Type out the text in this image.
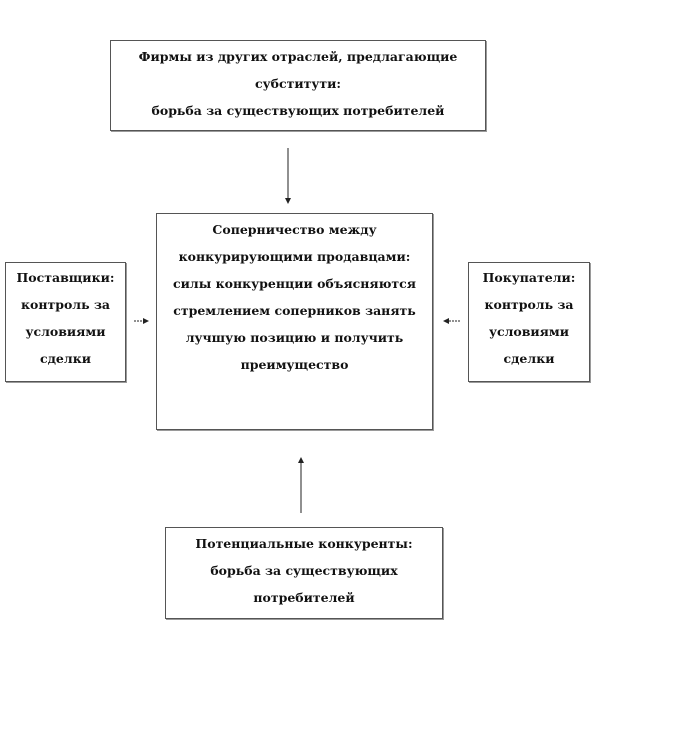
Фирмы из других отраслей, предлагающие
субститути:
борьба за существующих потребителей
Соперничество между
конкурирующими продавцами:
силы конкуренции объясняются
стремлением соперников занять
лучшую позицию и получить
преимущество
Поставщики:
контроль за
условиями
сделки
Покупатели:
контроль за
условиями
сделки
Потенциальные конкуренты:
борьба за существующих
потребителей
